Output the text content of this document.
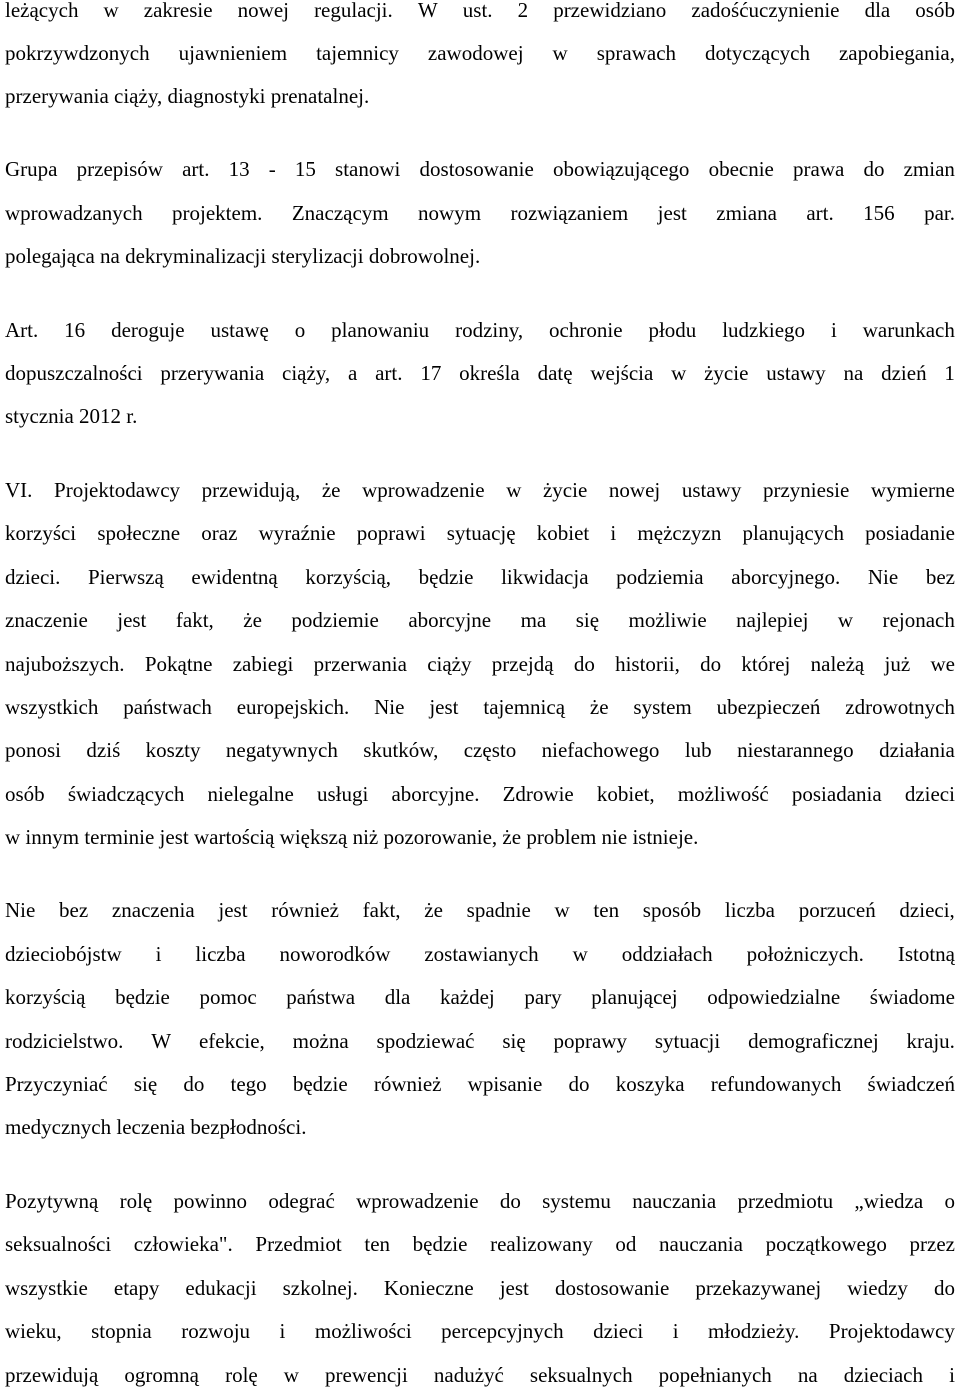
leżących w zakresie nowej regulacji. W ust. 2 przewidziano zadośćuczynienie dla osób
pokrzywdzonych ujawnieniem tajemnicy zawodowej w sprawach dotyczących zapobiegania,
przerywania ciąży, diagnostyki prenatalnej.
Grupa przepisów art. 13 - 15 stanowi dostosowanie obowiązującego obecnie prawa do zmian
wprowadzanych projektem. Znaczącym nowym rozwiązaniem jest zmiana art. 156 par.
polegająca na dekryminalizacji sterylizacji dobrowolnej.
Art. 16 deroguje ustawę o planowaniu rodziny, ochronie płodu ludzkiego i warunkach
dopuszczalności przerywania ciąży, a art. 17 określa datę wejścia w życie ustawy na dzień 1
stycznia 2012 r.
VI. Projektodawcy przewidują, że wprowadzenie w życie nowej ustawy przyniesie wymierne
korzyści społeczne oraz wyraźnie poprawi sytuację kobiet i mężczyzn planujących posiadanie
dzieci. Pierwszą ewidentną korzyścią, będzie likwidacja podziemia aborcyjnego. Nie bez
znaczenie jest fakt, że podziemie aborcyjne ma się możliwie najlepiej w rejonach
najuboższych. Pokątne zabiegi przerwania ciąży przejdą do historii, do której należą już we
wszystkich państwach europejskich. Nie jest tajemnicą że system ubezpieczeń zdrowotnych
ponosi dziś koszty negatywnych skutków, często niefachowego lub niestarannego działania
osób świadczących nielegalne usługi aborcyjne. Zdrowie kobiet, możliwość posiadania dzieci
w innym terminie jest wartością większą niż pozorowanie, że problem nie istnieje.
Nie bez znaczenia jest również fakt, że spadnie w ten sposób liczba porzuceń dzieci,
dzieciobójstw i liczba noworodków zostawianych w oddziałach położniczych. Istotną
korzyścią będzie pomoc państwa dla każdej pary planującej odpowiedzialne świadome
rodzicielstwo. W efekcie, można spodziewać się poprawy sytuacji demograficznej kraju.
Przyczyniać się do tego będzie również wpisanie do koszyka refundowanych świadczeń
medycznych leczenia bezpłodności.
Pozytywną rolę powinno odegrać wprowadzenie do systemu nauczania przedmiotu „wiedza o
seksualności człowieka". Przedmiot ten będzie realizowany od nauczania początkowego przez
wszystkie etapy edukacji szkolnej. Konieczne jest dostosowanie przekazywanej wiedzy do
wieku, stopnia rozwoju i możliwości percepcyjnych dzieci i młodzieży. Projektodawcy
przewidują ogromną rolę w prewencji nadużyć seksualnych popełnianych na dzieciach i
